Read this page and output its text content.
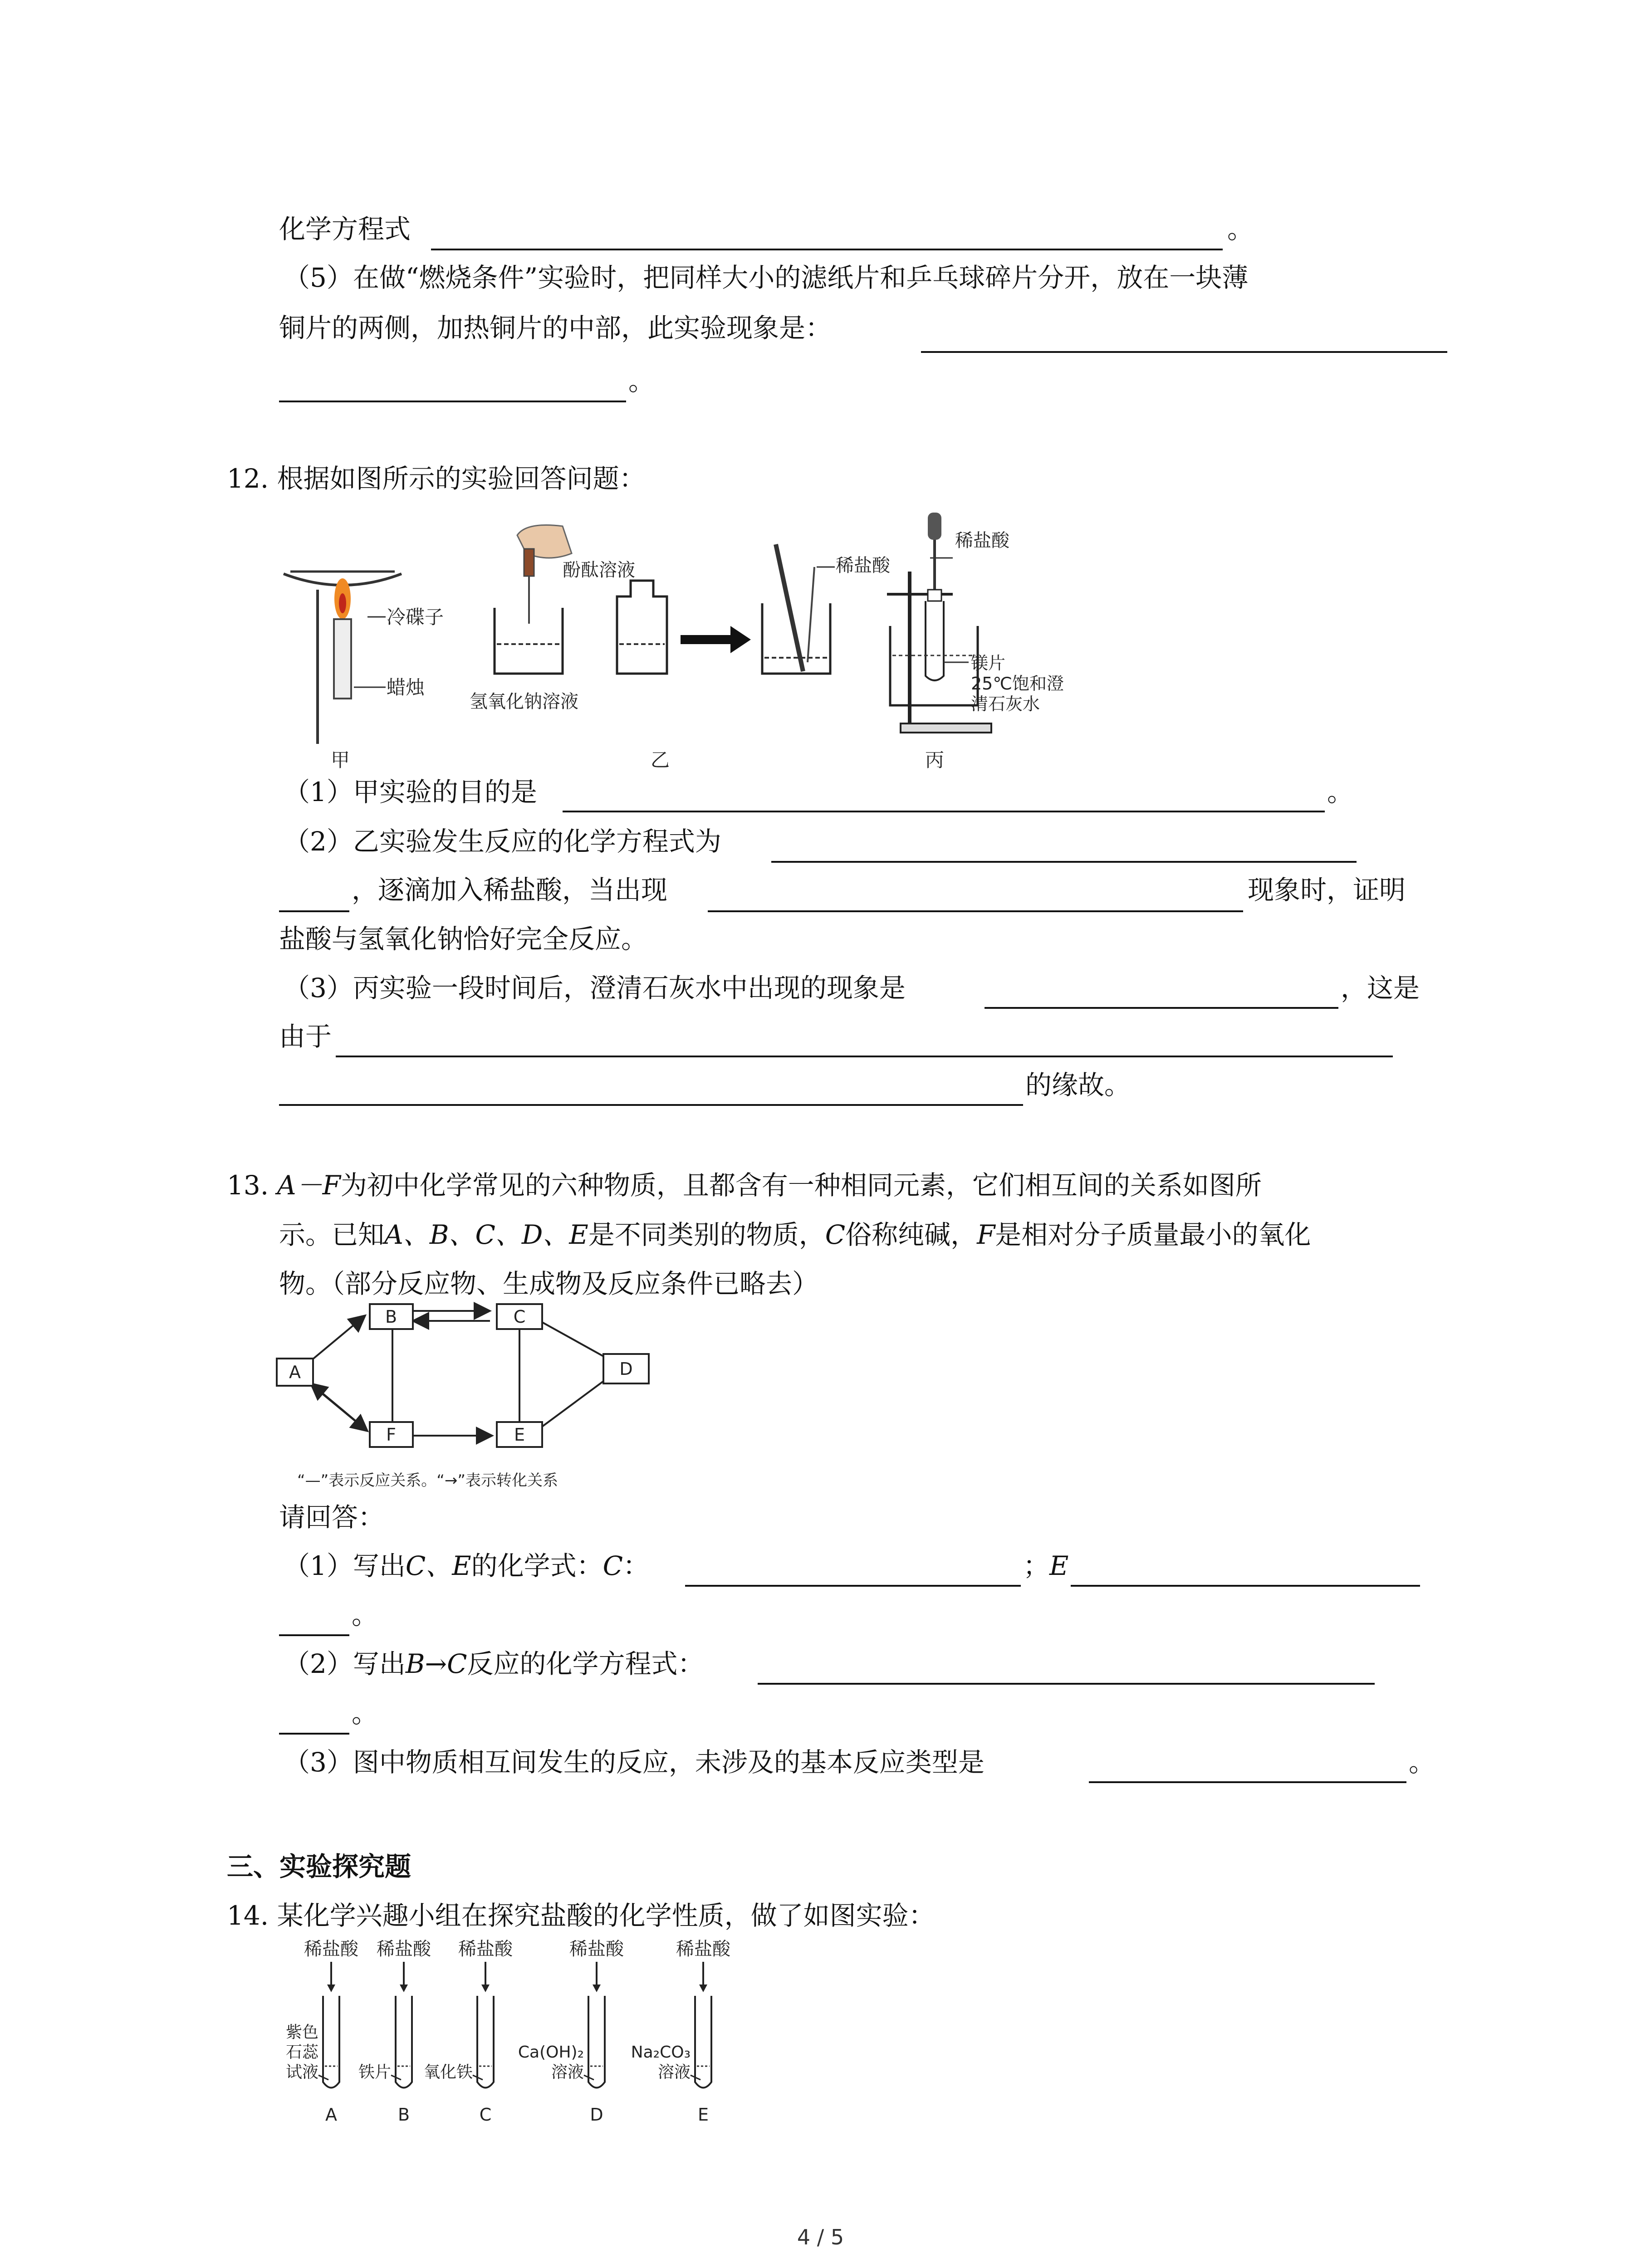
化学方程式	。
（5）在做“燃烧条件”实验时，把同样大小的滤纸片和乒乓球碎片分开，放在一块薄
铜片的两侧，加热铜片的中部，此实验现象是：
。
12. 根据如图所示的实验回答问题：
冷碟子
蜡烛
甲
酚酞溶液
氢氧化钠溶液
稀盐酸
乙
稀盐酸
镁片
25℃饱和澄
清石灰水
丙
（1）甲实验的目的是	。
（2）乙实验发生反应的化学方程式为
，逐滴加入稀盐酸，当出现	现象时，证明
盐酸与氢氧化钠恰好完全反应。
（3）丙实验一段时间后，澄清石灰水中出现的现象是	，这是
由于
的缘故。
13. A－F为初中化学常见的六种物质，且都含有一种相同元素，它们相互间的关系如图所
示。已知A、B、C、D、E是不同类别的物质，C俗称纯碱，F是相对分子质量最小的氧化
物。（部分反应物、生成物及反应条件已略去）
A
B	C
D
E
F
“—”表示反应关系。“→”表示转化关系
请回答：
（1）写出C、E的化学式：C：	；E
。
（2）写出B→C反应的化学方程式：
。
（3）图中物质相互间发生的反应，未涉及的基本反应类型是	。
三、实验探究题
14. 某化学兴趣小组在探究盐酸的化学性质，做了如图实验：
稀盐酸
紫色
石蕊
试液
A
稀盐酸
铁片
B
稀盐酸
氧化铁
C
稀盐酸
Ca(OH)₂
溶液
D
稀盐酸
Na₂CO₃
溶液
E
4 / 5
